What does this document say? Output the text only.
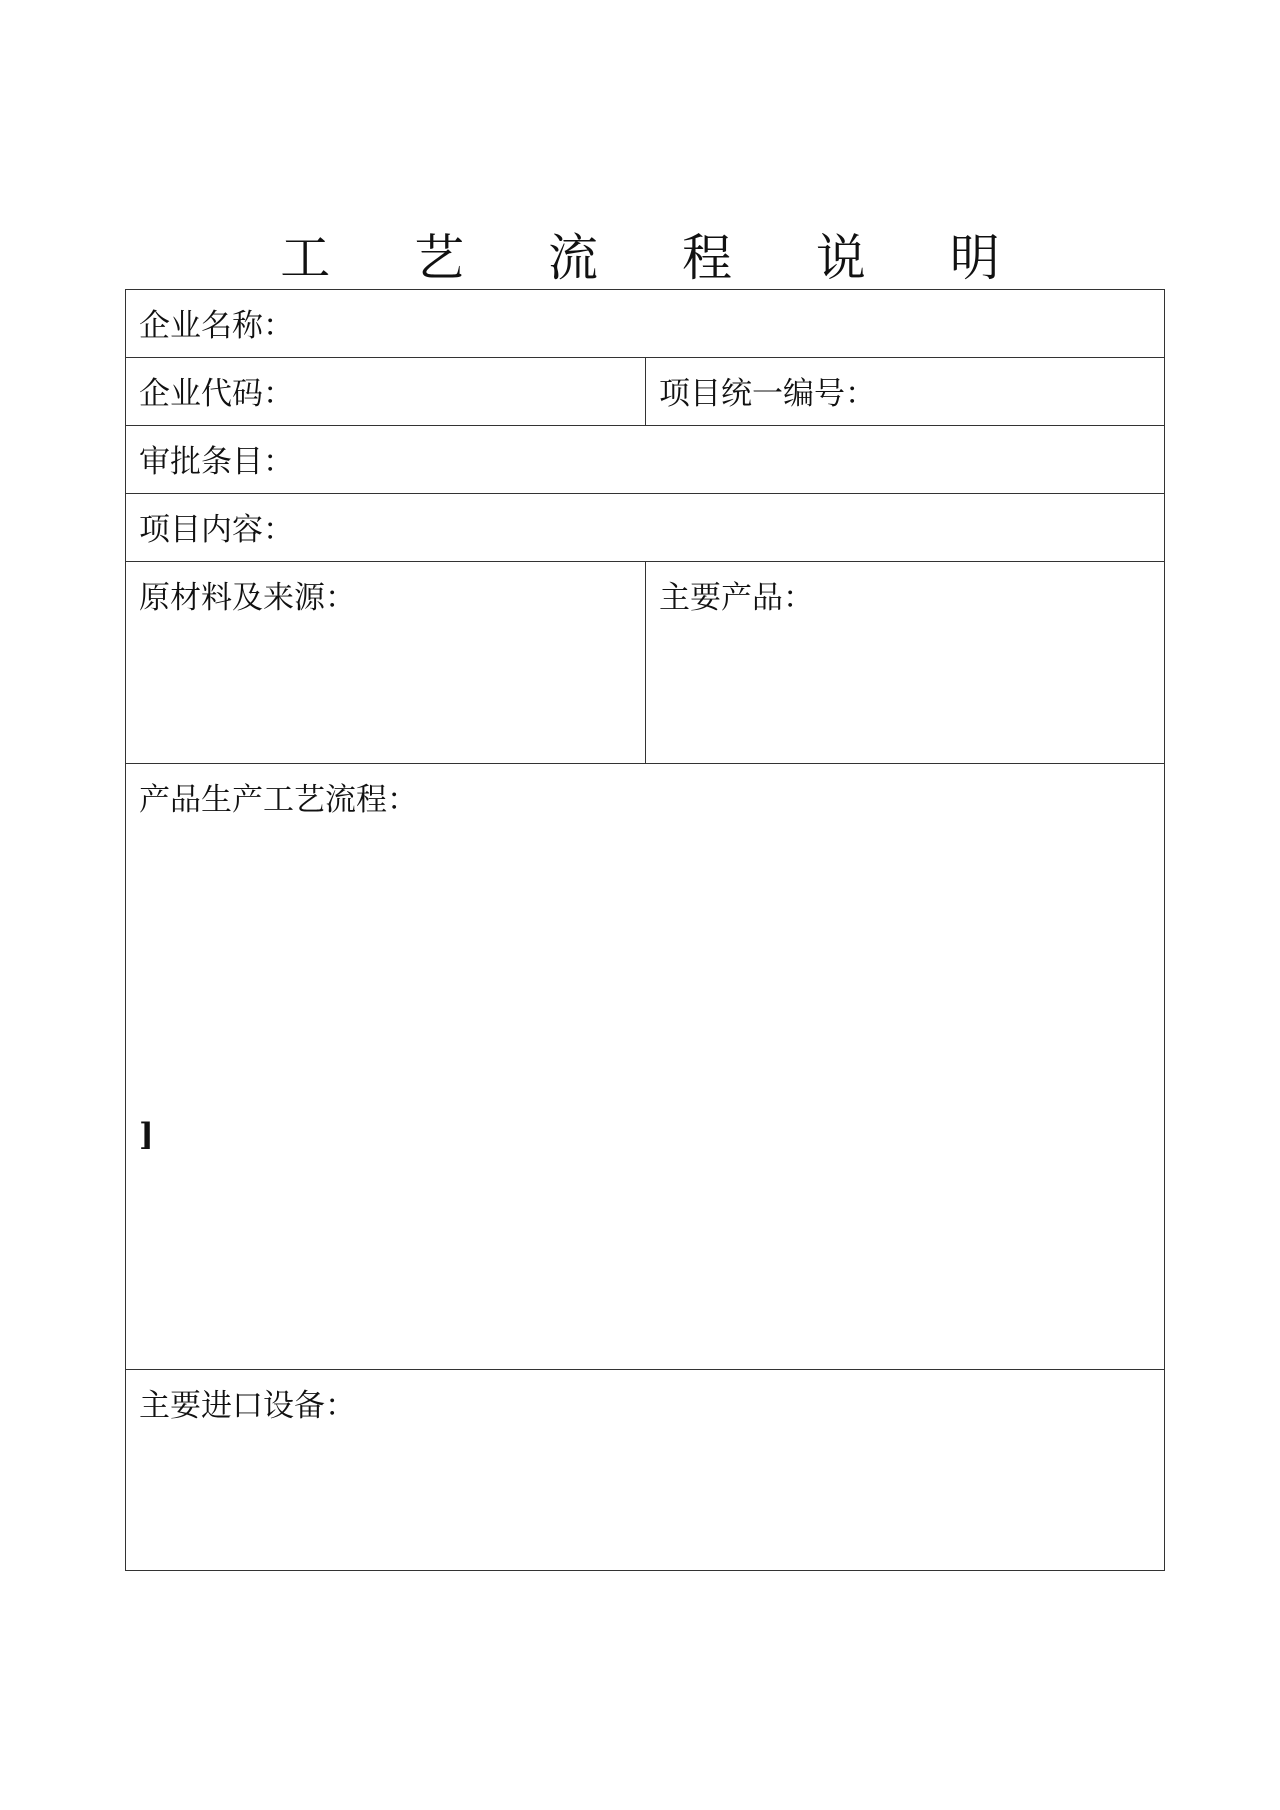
工 艺 流 程 说 明
企业名称：
企业代码：	项目统一编号：
审批条目：
项目内容：
原材料及来源：	主要产品：
产品生产工艺流程：
]
主要进口设备：
